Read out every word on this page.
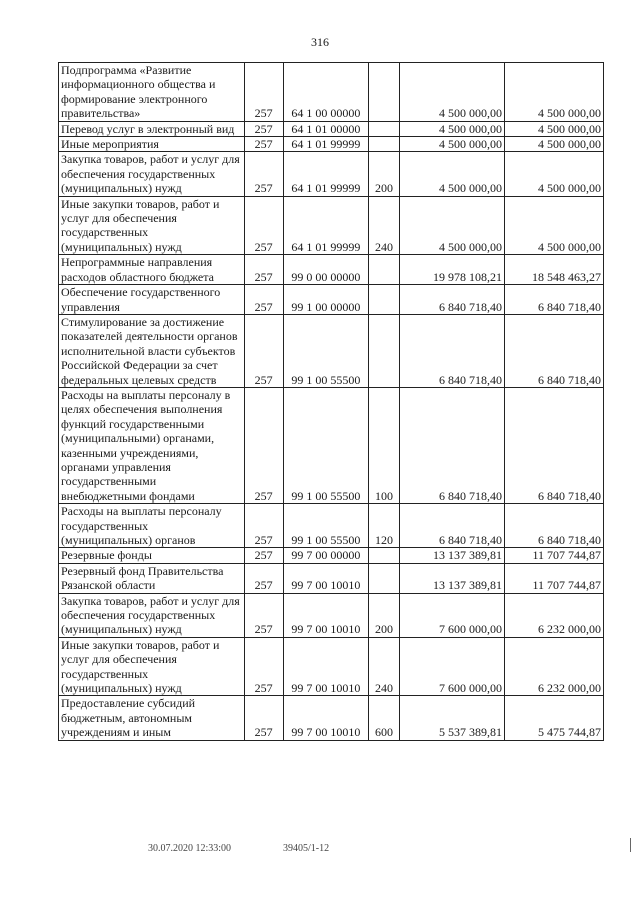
316
Подпрограмма «Развитие информационного общества и формирование электронного правительства»	257	64 1 00 00000		4 500 000,00	4 500 000,00
Перевод услуг в электронный вид	257	64 1 01 00000		4 500 000,00	4 500 000,00
Иные мероприятия	257	64 1 01 99999		4 500 000,00	4 500 000,00
Закупка товаров, работ и услуг для обеспечения государственных (муниципальных) нужд	257	64 1 01 99999	200	4 500 000,00	4 500 000,00
Иные закупки товаров, работ и услуг для обеспечения государственных (муниципальных) нужд	257	64 1 01 99999	240	4 500 000,00	4 500 000,00
Непрограммные направления расходов областного бюджета	257	99 0 00 00000		19 978 108,21	18 548 463,27
Обеспечение государственного управления	257	99 1 00 00000		6 840 718,40	6 840 718,40
Стимулирование за достижение показателей деятельности органов исполнительной власти субъектов Российской Федерации за счет федеральных целевых средств	257	99 1 00 55500		6 840 718,40	6 840 718,40
Расходы на выплаты персоналу в целях обеспечения выполнения функций государственными (муниципальными) органами, казенными учреждениями, органами управления государственными внебюджетными фондами	257	99 1 00 55500	100	6 840 718,40	6 840 718,40
Расходы на выплаты персоналу государственных (муниципальных) органов	257	99 1 00 55500	120	6 840 718,40	6 840 718,40
Резервные фонды	257	99 7 00 00000		13 137 389,81	11 707 744,87
Резервный фонд Правительства Рязанской области	257	99 7 00 10010		13 137 389,81	11 707 744,87
Закупка товаров, работ и услуг для обеспечения государственных (муниципальных) нужд	257	99 7 00 10010	200	7 600 000,00	6 232 000,00
Иные закупки товаров, работ и услуг для обеспечения государственных (муниципальных) нужд	257	99 7 00 10010	240	7 600 000,00	6 232 000,00
Предоставление субсидий бюджетным, автономным учреждениям и иным	257	99 7 00 10010	600	5 537 389,81	5 475 744,87
30.07.2020 12:33:00	39405/1-12
